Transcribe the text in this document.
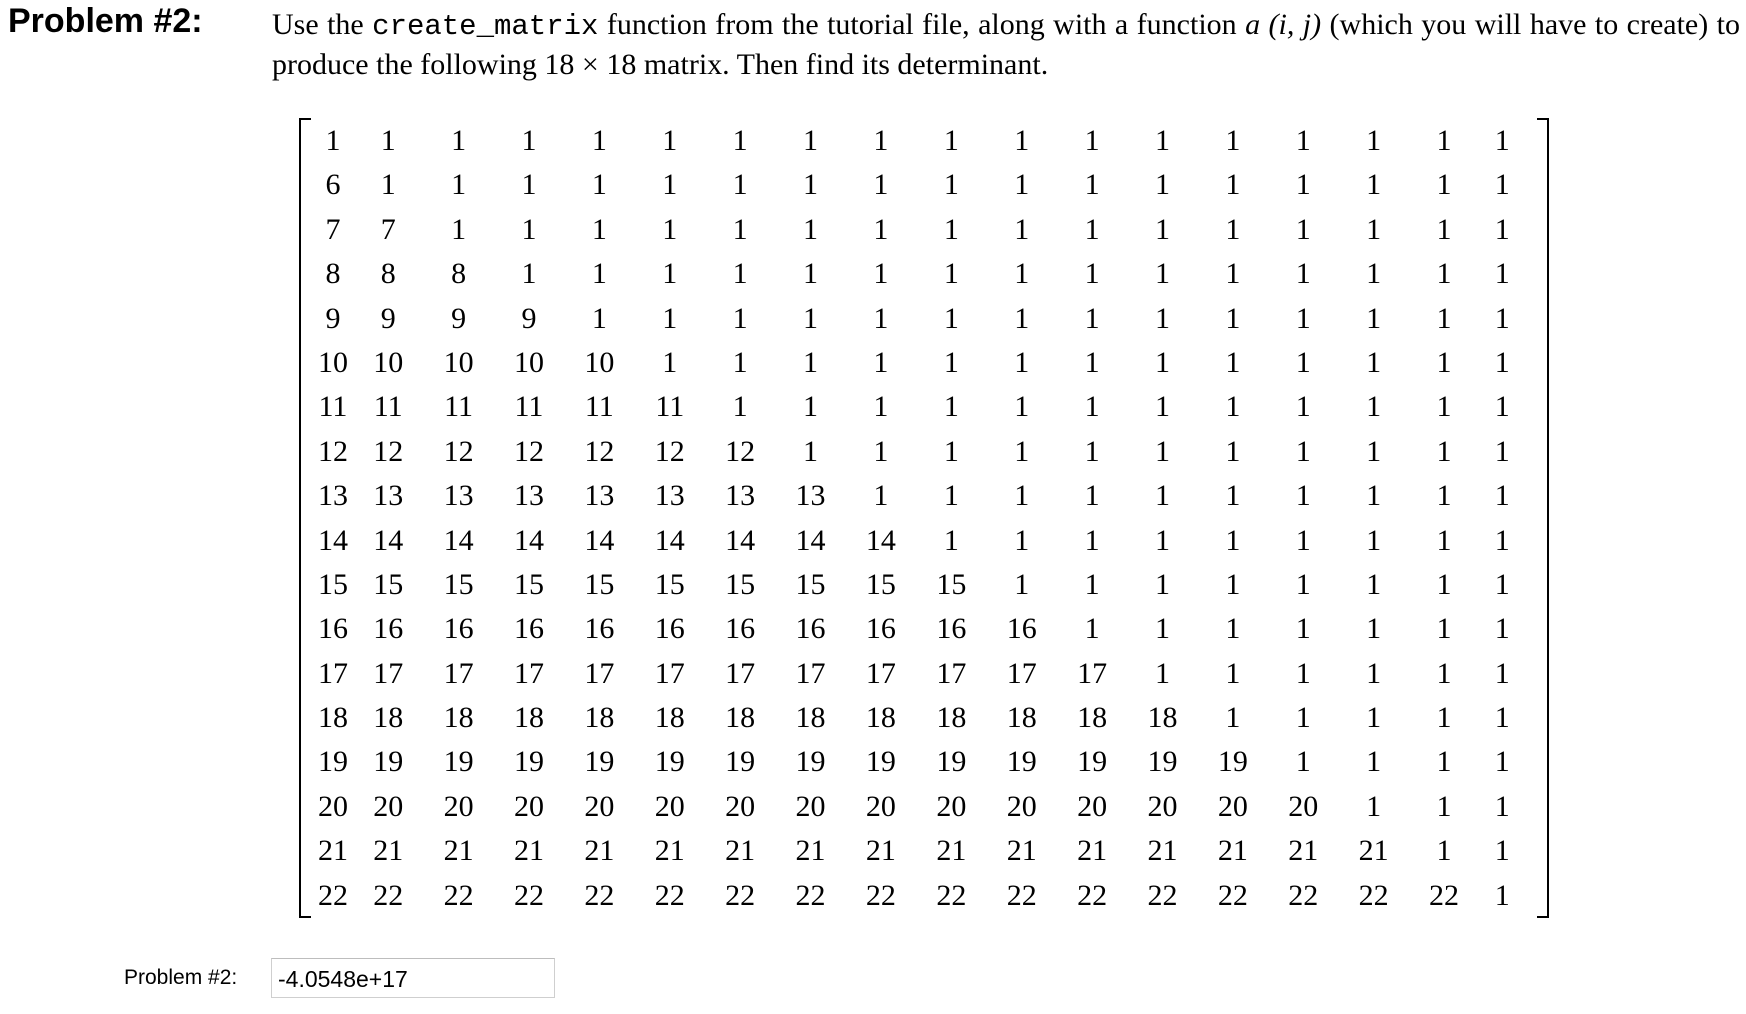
Problem #2: Use the create_matrix function from the tutorial file, along with a function a (i, j) (which you will have to create) to produce the following 18 × 18 matrix. Then find its determinant.
1	1	1	1	1	1	1	1	1	1	1	1	1	1	1	1	1	1
6	1	1	1	1	1	1	1	1	1	1	1	1	1	1	1	1	1
7	7	1	1	1	1	1	1	1	1	1	1	1	1	1	1	1	1
8	8	8	1	1	1	1	1	1	1	1	1	1	1	1	1	1	1
9	9	9	9	1	1	1	1	1	1	1	1	1	1	1	1	1	1
10 10	10	10	10	1	1	1	1	1	1	1	1	1	1	1	1	1
11 11	11	11	11	11	1	1	1	1	1	1	1	1	1	1	1	1
12 12	12	12	12	12	12	1	1	1	1	1	1	1	1	1	1	1
13 13	13	13	13	13	13	13	1	1	1	1	1	1	1	1	1	1
14 14	14	14	14	14	14	14	14	1	1	1	1	1	1	1	1	1
15 15	15	15	15	15	15	15	15	15	1	1	1	1	1	1	1	1
16 16	16	16	16	16	16	16	16	16	16	1	1	1	1	1	1	1
17 17	17	17	17	17	17	17	17	17	17	17	1	1	1	1	1	1
18 18	18	18	18	18	18	18	18	18	18	18	18	1	1	1	1	1
19 19	19	19	19	19	19	19	19	19	19	19	19	19	1	1	1	1
20 20	20	20	20	20	20	20	20	20	20	20	20	20	20	1	1	1
21 21	21	21	21	21	21	21	21	21	21	21	21	21	21	21	1	1
22 22	22	22	22	22	22	22	22	22	22	22	22	22	22	22	22	1
Problem #2:
-4.0548e+17
